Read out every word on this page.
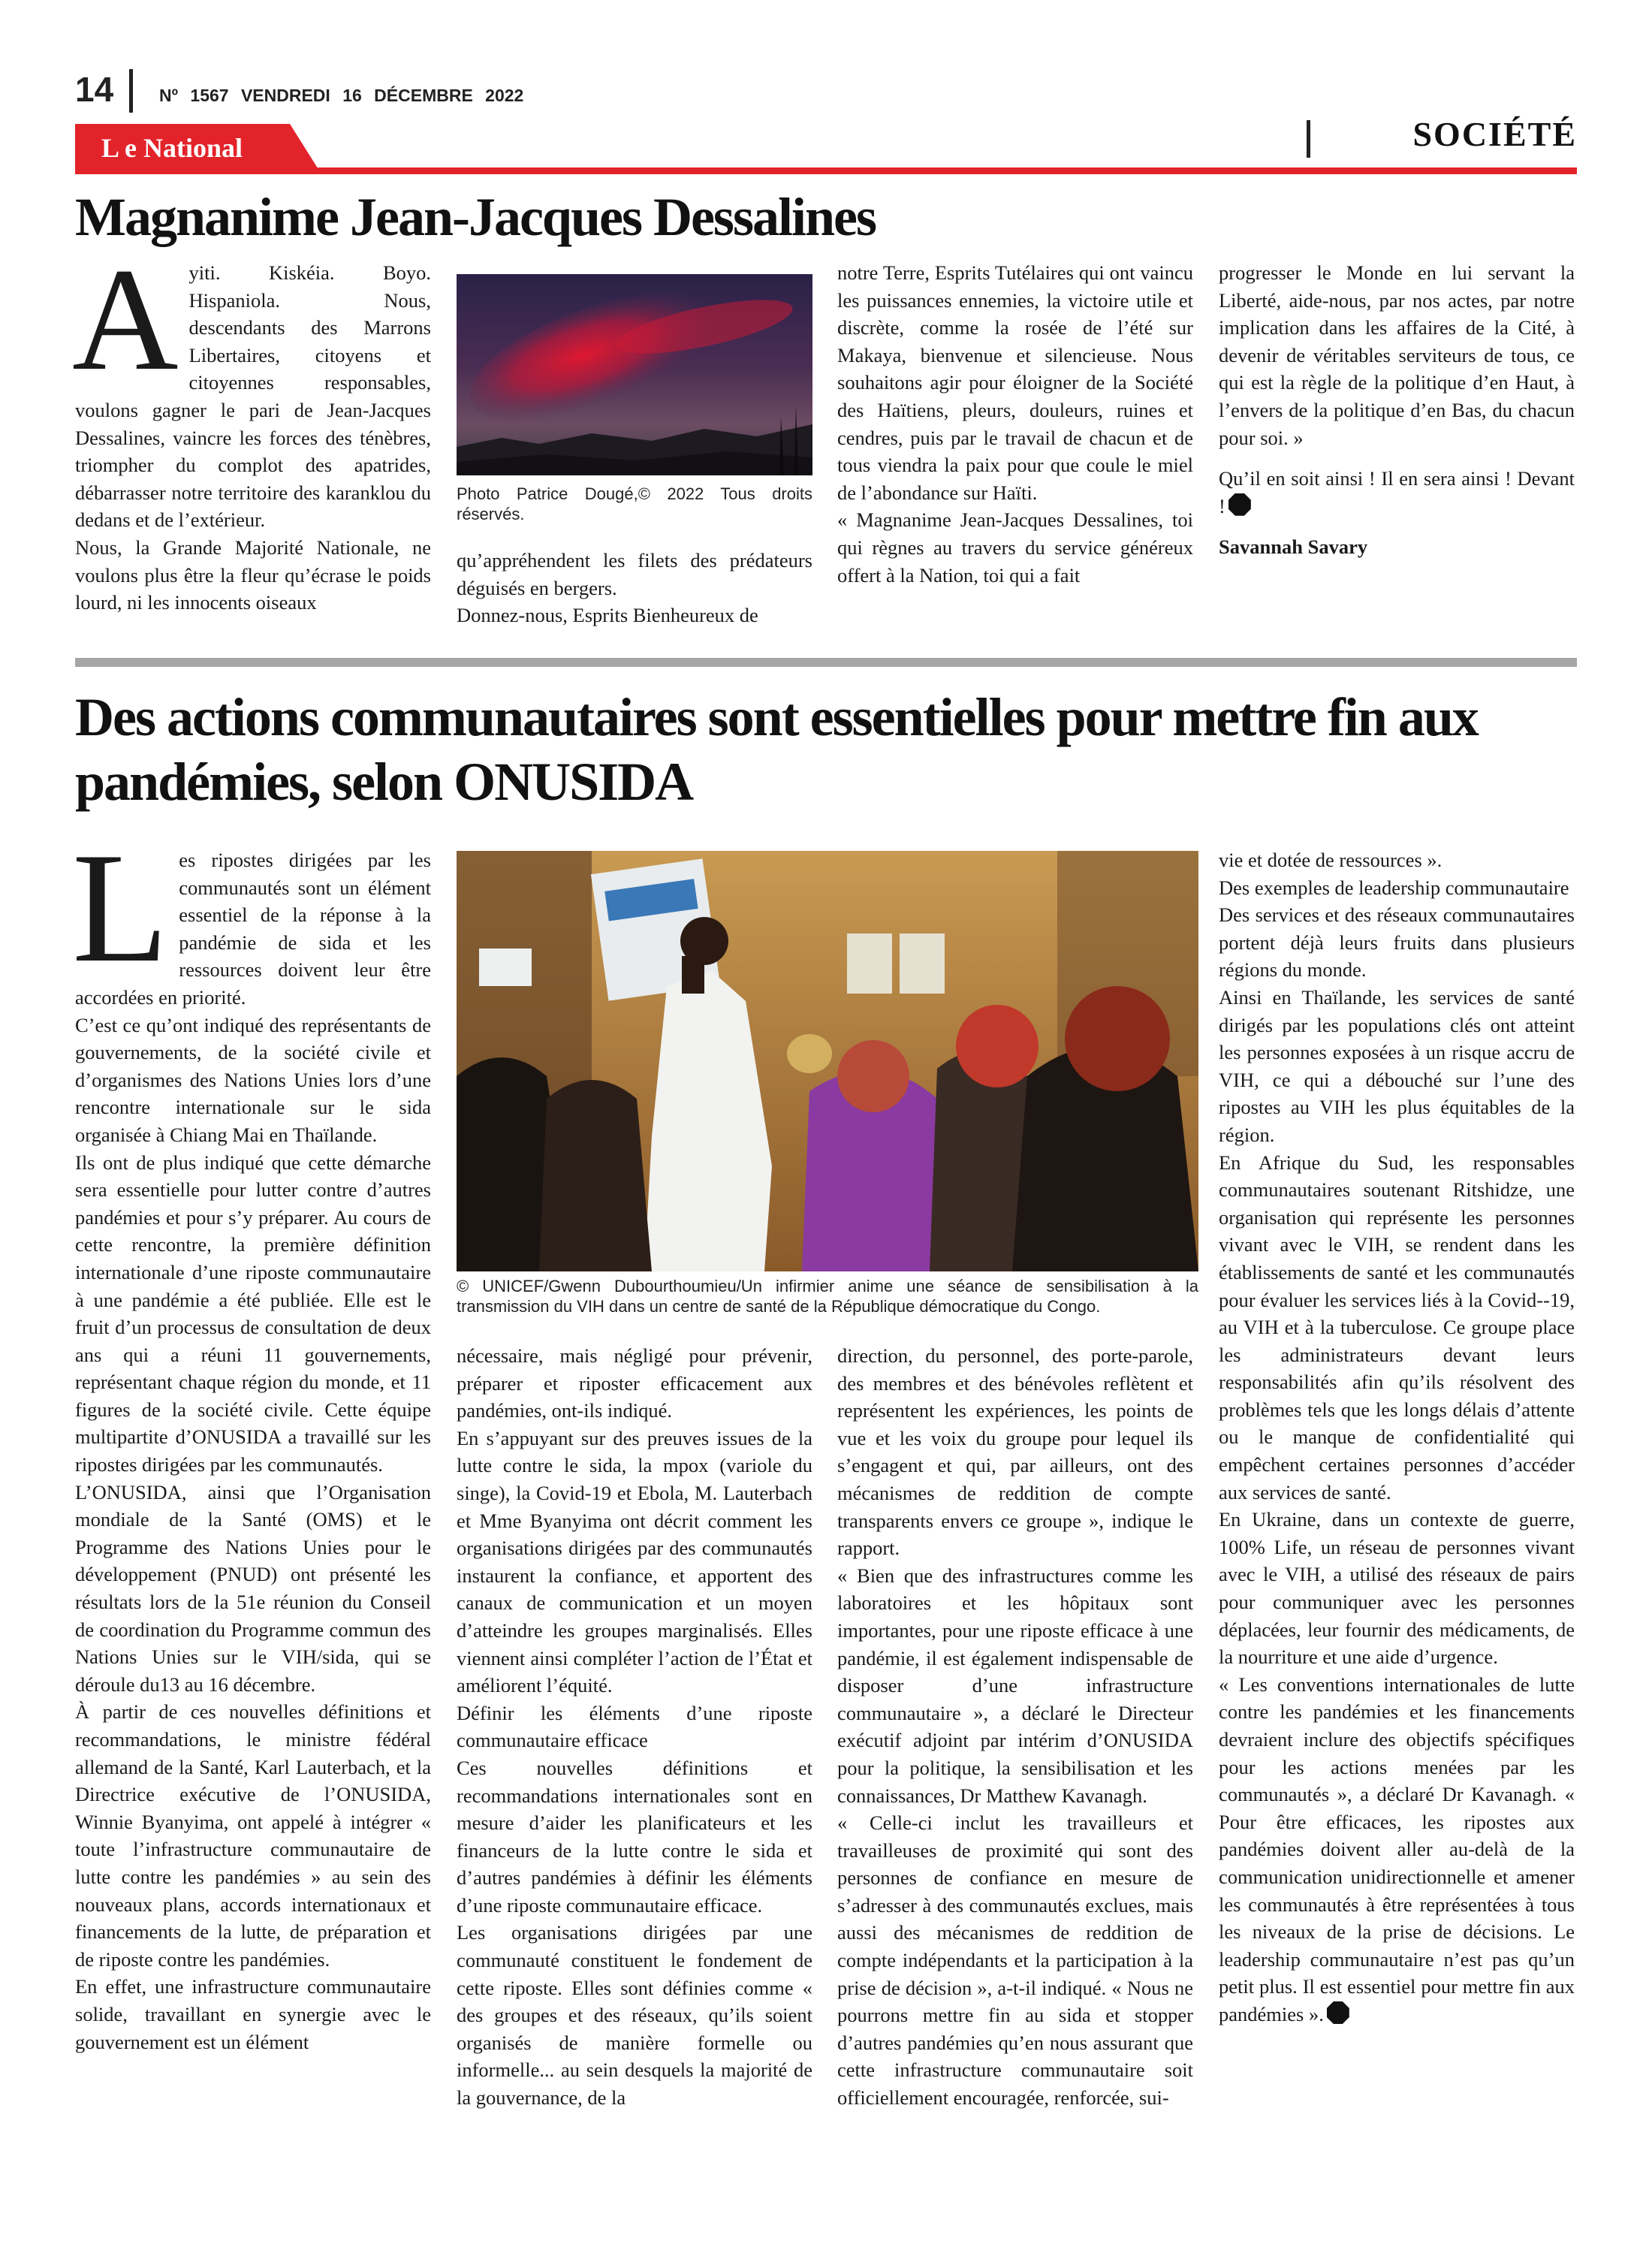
14	Nº 1567 VENDREDI 16 DÉCEMBRE 2022
L e National	SOCIÉTÉ
Magnanime Jean-Jacques Dessalines
A yiti. Kiskéia. Boyo. Hispaniola. Nous, descendants des Marrons Libertaires, citoyens et citoyennes responsables, voulons gagner le pari de Jean-Jacques Dessalines, vaincre les forces des ténèbres, triompher du complot des apatrides, débarrasser notre territoire des karanklou du dedans et de l’extérieur.

Nous, la Grande Majorité Nationale, ne voulons plus être la fleur qu’écrase le poids lourd, ni les innocents oiseaux

Photo Patrice Dougé,© 2022 Tous droits réservés.

qu’appréhendent les filets des prédateurs déguisés en bergers.

Donnez-nous, Esprits Bienheureux de

notre Terre, Esprits Tutélaires qui ont vaincu les puissances ennemies, la victoire utile et discrète, comme la rosée de l’été sur Makaya, bienvenue et silencieuse. Nous souhaitons agir pour éloigner de la Société des Haïtiens, pleurs, douleurs, ruines et cendres, puis par le travail de chacun et de tous viendra la paix pour que coule le miel de l’abondance sur Haïti.

« Magnanime Jean-Jacques Dessalines, toi qui règnes au travers du service généreux offert à la Nation, toi qui a fait

progresser le Monde en lui servant la Liberté, aide-nous, par nos actes, par notre implication dans les affaires de la Cité, à devenir de véritables serviteurs de tous, ce qui est la règle de la politique d’en Haut, à l’envers de la politique d’en Bas, du chacun pour soi. »

Qu’il en soit ainsi ! Il en sera ainsi ! Devant !

Savannah Savary

Des actions communautaires sont essentielles pour mettre fin aux pandémies, selon ONUSIDA
L es ripostes dirigées par les communautés sont un élément essentiel de la réponse à la pandémie de sida et les ressources doivent leur être accordées en priorité.

C’est ce qu’ont indiqué des représentants de gouvernements, de la société civile et d’organismes des Nations Unies lors d’une rencontre internationale sur le sida organisée à Chiang Mai en Thaïlande.

Ils ont de plus indiqué que cette démarche sera essentielle pour lutter contre d’autres pandémies et pour s’y préparer. Au cours de cette rencontre, la première définition internationale d’une riposte communautaire à une pandémie a été publiée. Elle est le fruit d’un processus de consultation de deux ans qui a réuni 11 gouvernements, représentant chaque région du monde, et 11 figures de la société civile. Cette équipe multipartite d’ONUSIDA a travaillé sur les ripostes dirigées par les communautés.

L’ONUSIDA, ainsi que l’Organisation mondiale de la Santé (OMS) et le Programme des Nations Unies pour le développement (PNUD) ont présenté les résultats lors de la 51e réunion du Conseil de coordination du Programme commun des Nations Unies sur le VIH/sida, qui se déroule du13 au 16 décembre.

À partir de ces nouvelles définitions et recommandations, le ministre fédéral allemand de la Santé, Karl Lauterbach, et la Directrice exécutive de l’ONUSIDA, Winnie Byanyima, ont appelé à intégrer « toute l’infrastructure communautaire de lutte contre les pandémies » au sein des nouveaux plans, accords internationaux et financements de la lutte, de préparation et de riposte contre les pandémies.

En effet, une infrastructure communautaire solide, travaillant en synergie avec le gouvernement est un élément

© UNICEF/Gwenn Dubourthoumieu/Un infirmier anime une séance de sensibilisation à la transmission du VIH dans un centre de santé de la République démocratique du Congo.

nécessaire, mais négligé pour prévenir, préparer et riposter efficacement aux pandémies, ont-ils indiqué.

En s’appuyant sur des preuves issues de la lutte contre le sida, la mpox (variole du singe), la Covid-19 et Ebola, M. Lauterbach et Mme Byanyima ont décrit comment les organisations dirigées par des communautés instaurent la confiance, et apportent des canaux de communication et un moyen d’atteindre les groupes marginalisés. Elles viennent ainsi compléter l’action de l’État et améliorent l’équité.

Définir les éléments d’une riposte communautaire efficace

Ces nouvelles définitions et recommandations internationales sont en mesure d’aider les planificateurs et les financeurs de la lutte contre le sida et d’autres pandémies à définir les éléments d’une riposte communautaire efficace.

Les organisations dirigées par une communauté constituent le fondement de cette riposte. Elles sont définies comme « des groupes et des réseaux, qu’ils soient organisés de manière formelle ou informelle... au sein desquels la majorité de la gouvernance, de la

direction, du personnel, des porte-parole, des membres et des bénévoles reflètent et représentent les expériences, les points de vue et les voix du groupe pour lequel ils s’engagent et qui, par ailleurs, ont des mécanismes de reddition de compte transparents envers ce groupe », indique le rapport.

« Bien que des infrastructures comme les laboratoires et les hôpitaux sont importantes, pour une riposte efficace à une pandémie, il est également indispensable de disposer d’une infrastructure communautaire », a déclaré le Directeur exécutif adjoint par intérim d’ONUSIDA pour la politique, la sensibilisation et les connaissances, Dr Matthew Kavanagh.

« Celle-ci inclut les travailleurs et travailleuses de proximité qui sont des personnes de confiance en mesure de s’adresser à des communautés exclues, mais aussi des mécanismes de reddition de compte indépendants et la participation à la prise de décision », a-t-il indiqué. « Nous ne pourrons mettre fin au sida et stopper d’autres pandémies qu’en nous assurant que cette infrastructure communautaire soit officiellement encouragée, renforcée, sui-

vie et dotée de ressources ».

Des exemples de leadership communautaire

Des services et des réseaux communautaires portent déjà leurs fruits dans plusieurs régions du monde.

Ainsi en Thaïlande, les services de santé dirigés par les populations clés ont atteint les personnes exposées à un risque accru de VIH, ce qui a débouché sur l’une des ripostes au VIH les plus équitables de la région.

En Afrique du Sud, les responsables communautaires soutenant Ritshidze, une organisation qui représente les personnes vivant avec le VIH, se rendent dans les établissements de santé et les communautés pour évaluer les services liés à la Covid--19, au VIH et à la tuberculose. Ce groupe place les administrateurs devant leurs responsabilités afin qu’ils résolvent des problèmes tels que les longs délais d’attente ou le manque de confidentialité qui empêchent certaines personnes d’accéder aux services de santé.

En Ukraine, dans un contexte de guerre, 100% Life, un réseau de personnes vivant avec le VIH, a utilisé des réseaux de pairs pour communiquer avec les personnes déplacées, leur fournir des médicaments, de la nourriture et une aide d’urgence.

« Les conventions internationales de lutte contre les pandémies et les financements devraient inclure des objectifs spécifiques pour les actions menées par les communautés », a déclaré Dr Kavanagh. « Pour être efficaces, les ripostes aux pandémies doivent aller au-delà de la communication unidirectionnelle et amener les communautés à être représentées à tous les niveaux de la prise de décisions. Le leadership communautaire n’est pas qu’un petit plus. Il est essentiel pour mettre fin aux pandémies ».
